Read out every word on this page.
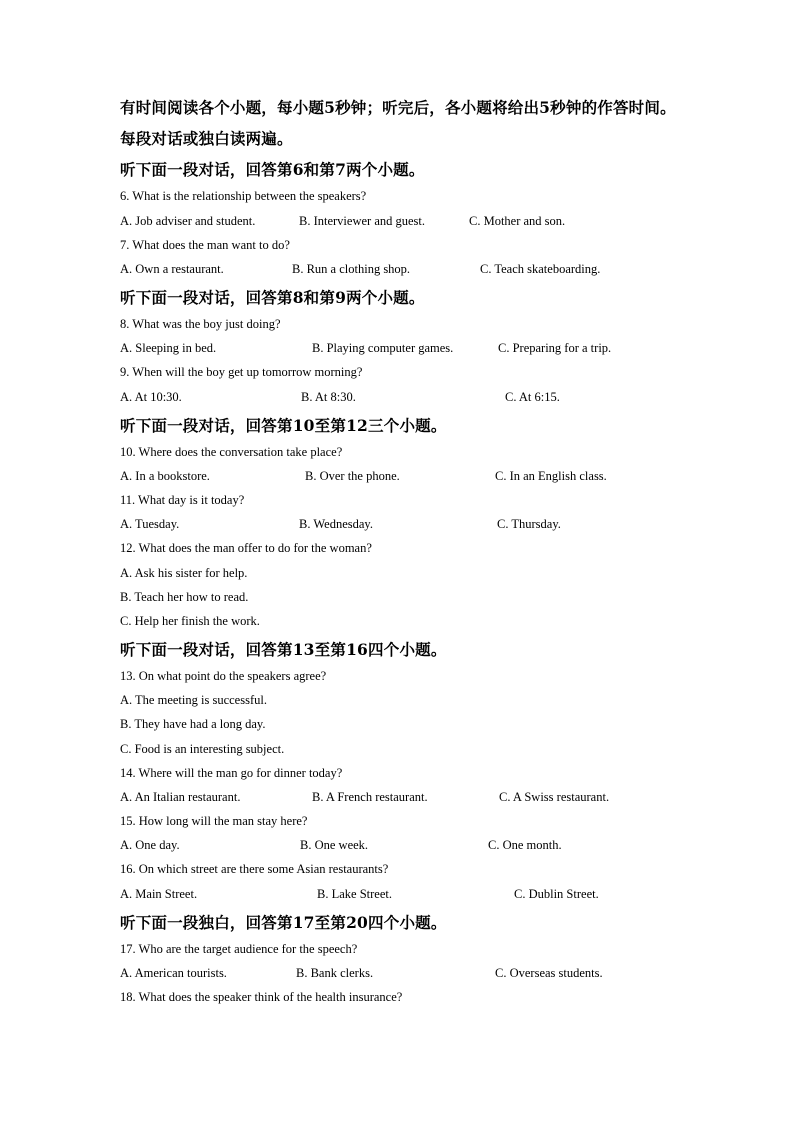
有时间阅读各个小题，每小题5秒钟；听完后，各小题将给出5秒钟的作答时间。
每段对话或独白读两遍。
听下面一段对话，回答第6和第7两个小题。
6. What is the relationship between the speakers?
A. Job adviser and student.	B. Interviewer and guest.	C. Mother and son.
7. What does the man want to do?
A. Own a restaurant.	B. Run a clothing shop.	C. Teach skateboarding.
听下面一段对话，回答第8和第9两个小题。
8. What was the boy just doing?
A. Sleeping in bed.	B. Playing computer games.	C. Preparing for a trip.
9. When will the boy get up tomorrow morning?
A. At 10:30.	B. At 8:30.	C. At 6:15.
听下面一段对话，回答第10至第12三个小题。
10. Where does the conversation take place?
A. In a bookstore.	B. Over the phone.	C. In an English class.
11. What day is it today?
A. Tuesday.	B. Wednesday.	C. Thursday.
12. What does the man offer to do for the woman?
A. Ask his sister for help.
B. Teach her how to read.
C. Help her finish the work.
听下面一段对话，回答第13至第16四个小题。
13. On what point do the speakers agree?
A. The meeting is successful.
B. They have had a long day.
C. Food is an interesting subject.
14. Where will the man go for dinner today?
A. An Italian restaurant.	B. A French restaurant.	C. A Swiss restaurant.
15. How long will the man stay here?
A. One day.	B. One week.	C. One month.
16. On which street are there some Asian restaurants?
A. Main Street.	B. Lake Street.	C. Dublin Street.
听下面一段独白，回答第17至第20四个小题。
17. Who are the target audience for the speech?
A. American tourists.	B. Bank clerks.	C. Overseas students.
18. What does the speaker think of the health insurance?
